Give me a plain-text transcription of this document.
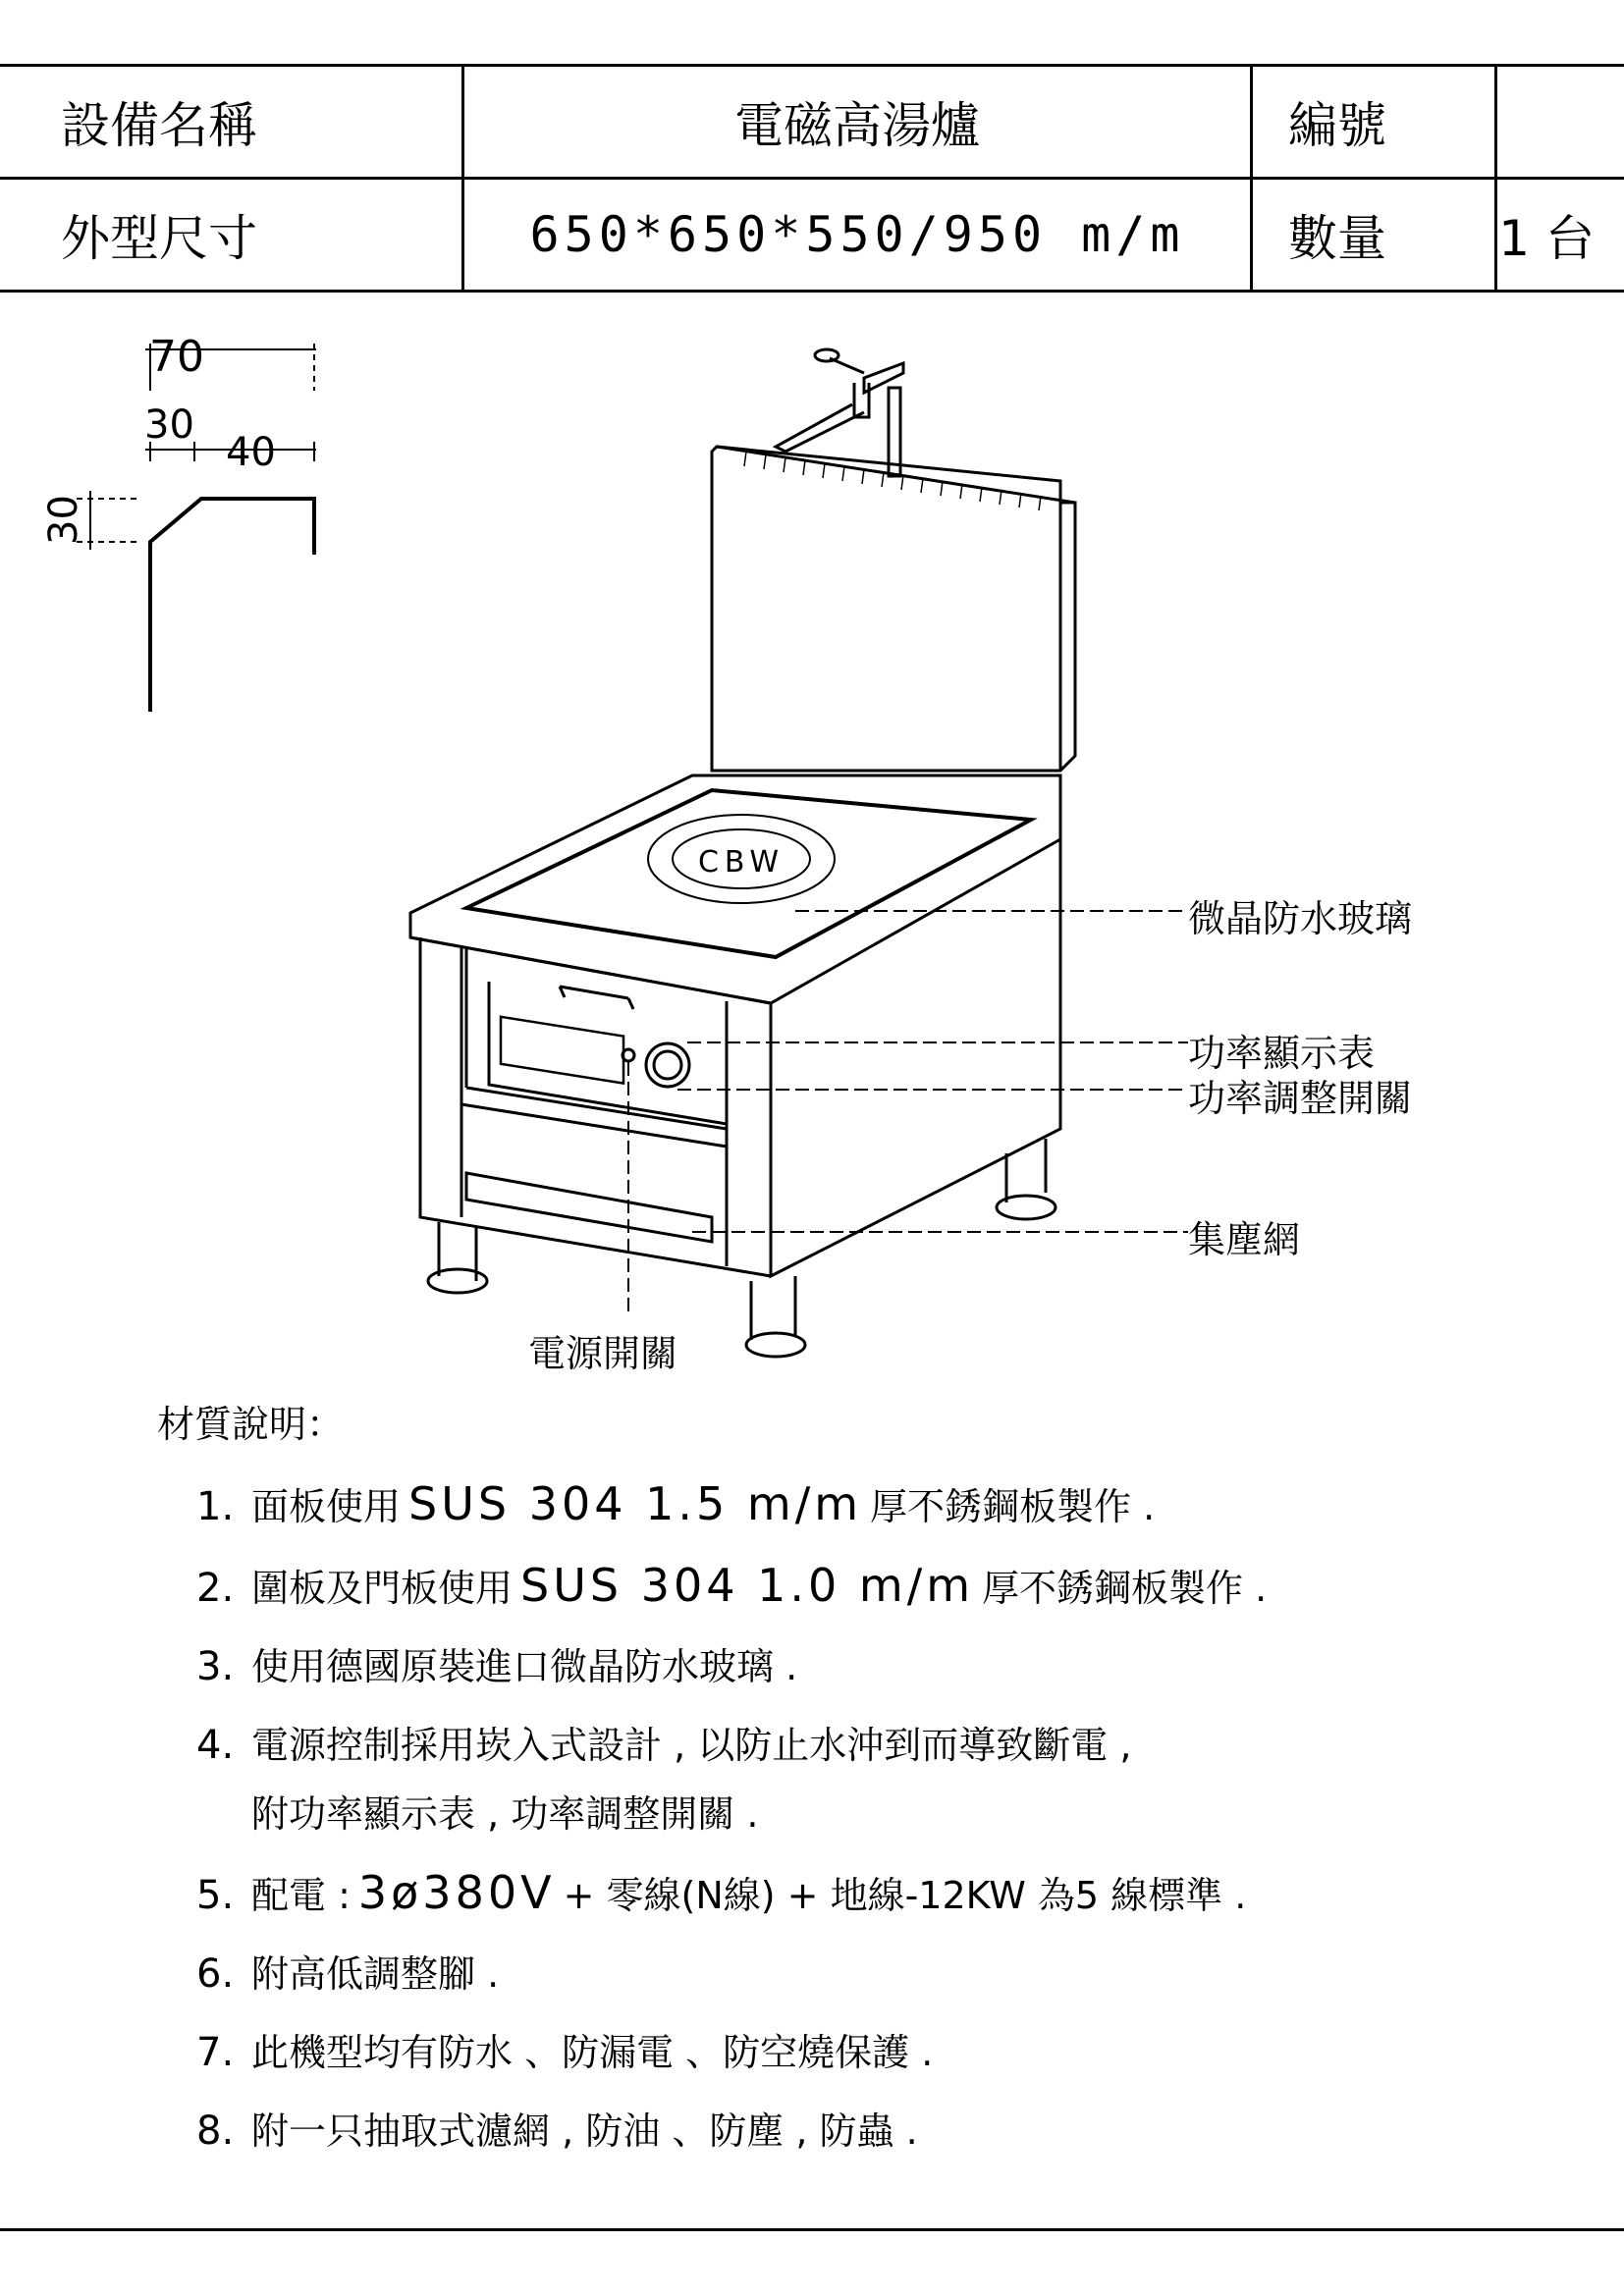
設備名稱	電磁高湯爐	編號	
外型尺寸	650*650*550/950 m/m	數量	1 台
70
30
40
30
CBW
微晶防水玻璃
功率顯示表
功率調整開關
集塵網
電源開關
材質說明：
1. 面板使用 SUS 304 1.5 m/m 厚不銹鋼板製作 .
2. 圍板及門板使用 SUS 304 1.0 m/m 厚不銹鋼板製作 .
3. 使用德國原裝進口微晶防水玻璃 .
4. 電源控制採用崁入式設計 , 以防止水沖到而導致斷電 ,
附功率顯示表 , 功率調整開關 .
5. 配電 : 3ø380V + 零線(N線) + 地線-12KW 為5 線標準 .
6. 附高低調整腳 .
7. 此機型均有防水 、防漏電 、防空燒保護 .
8. 附一只抽取式濾網 , 防油 、防塵 , 防蟲 .
